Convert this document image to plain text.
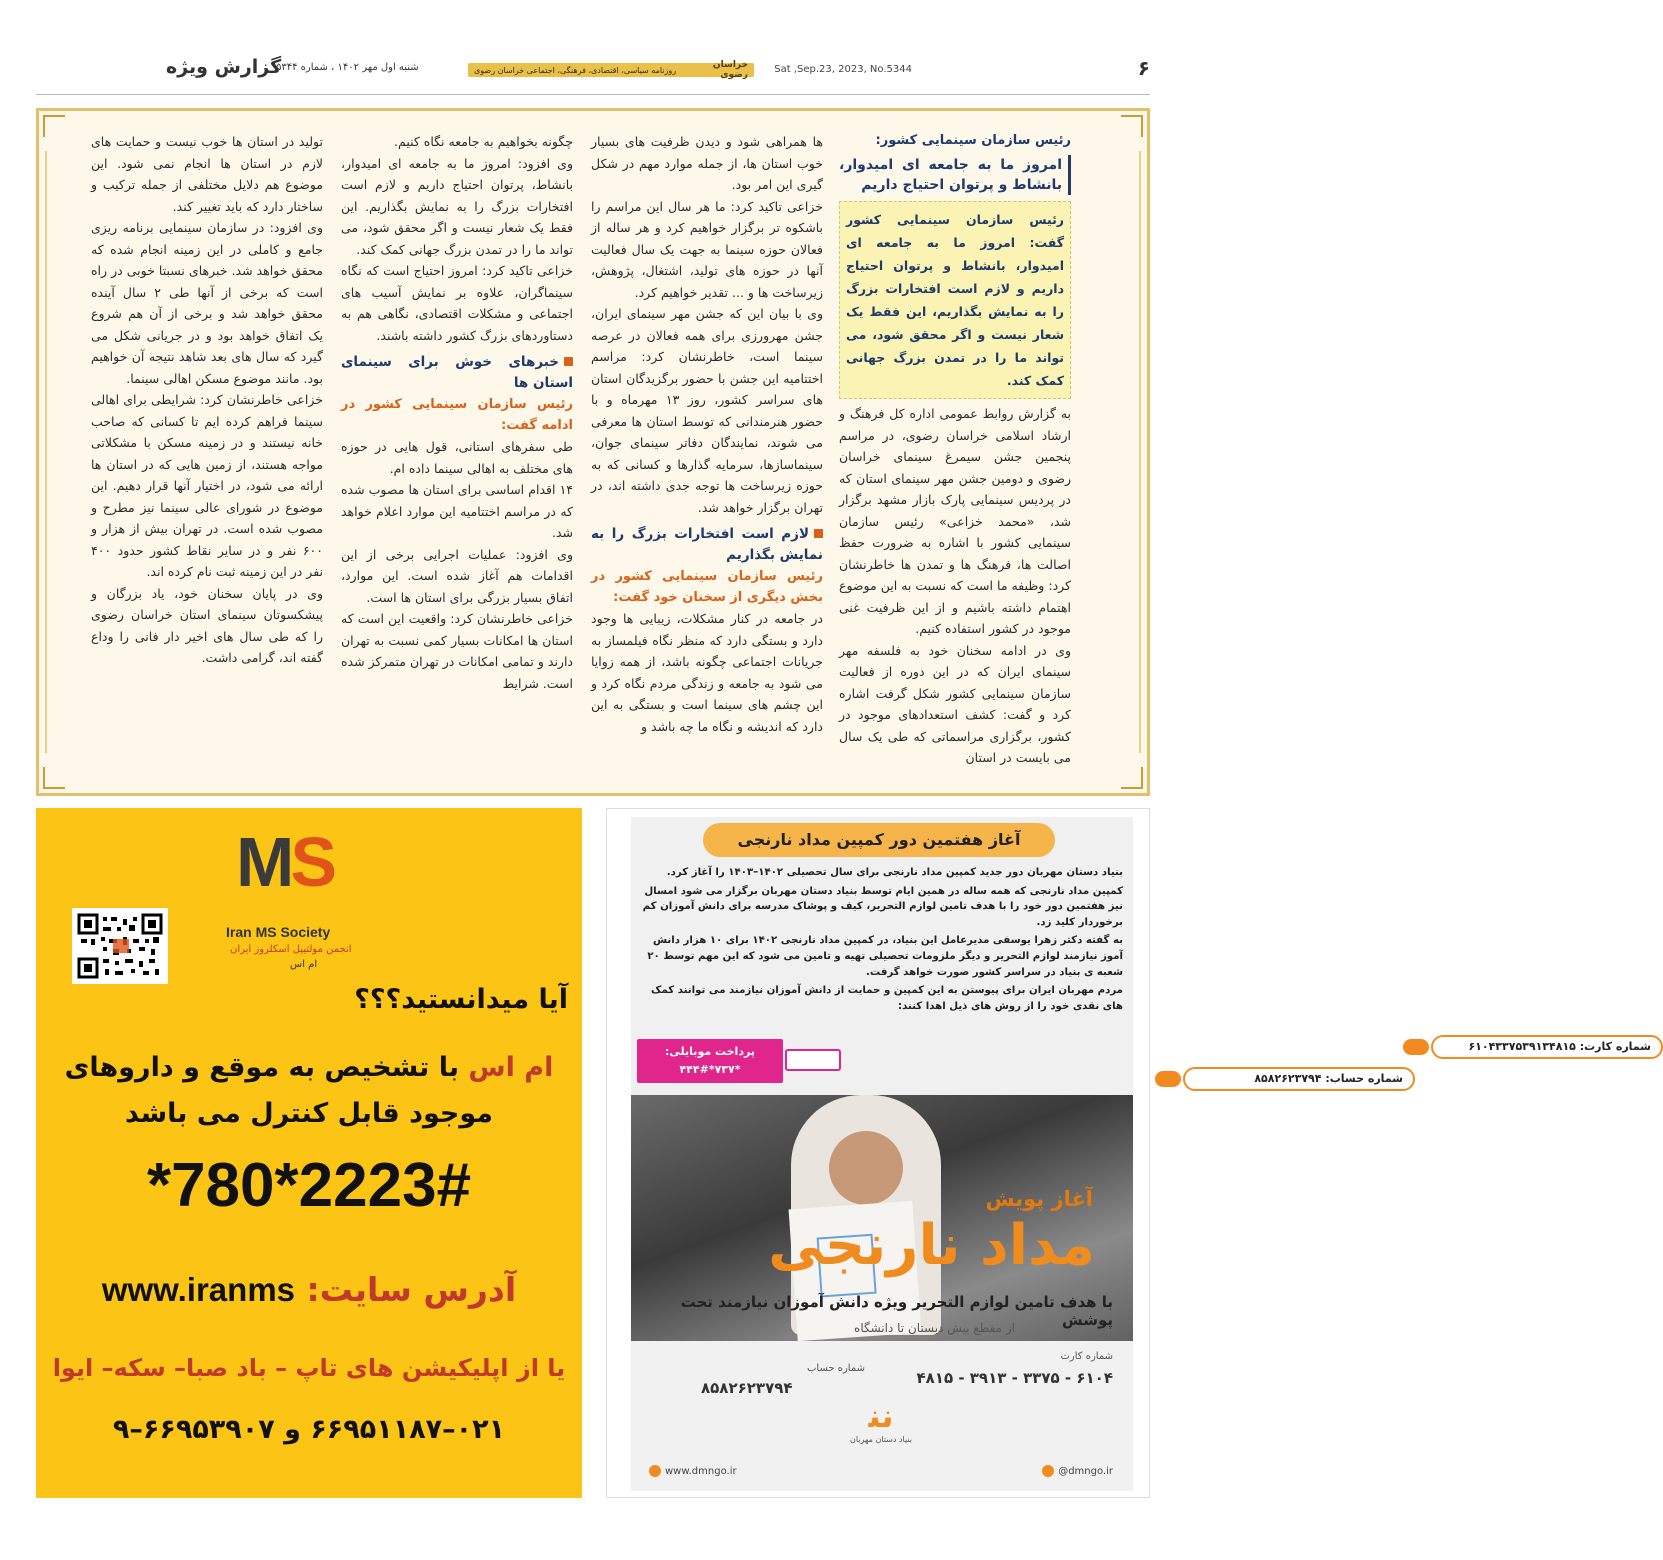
۶
Sat ,Sep.23, 2023, No.5344
خراسان رضوی
روزنامه سیاسی، اقتصادی، فرهنگی، اجتماعی خراسان رضوی
شنبه اول مهر ۱۴۰۲ ، شماره ۵۳۴۴
گزارش ویژه
رئیس سازمان سینمایی کشور:
امروز ما به جامعه ای امیدوار، بانشاط و پرتوان احتیاج داریم
رئیس سازمان سینمایی کشور گفت: امروز ما به جامعه ای امیدوار، بانشاط و پرتوان احتیاج داریم و لازم است افتخارات بزرگ را به نمایش بگذاریم، این فقط یک شعار نیست و اگر محقق شود، می تواند ما را در تمدن بزرگ جهانی کمک کند.

به گزارش روابط عمومی اداره کل فرهنگ و ارشاد اسلامی خراسان رضوی، در مراسم پنجمین جشن سیمرغ سینمای خراسان رضوی و دومین جشن مهر سینمای استان که در پردیس سینمایی پارک بازار مشهد برگزار شد، «محمد خزاعی» رئیس سازمان سینمایی کشور با اشاره به ضرورت حفظ اصالت ها، فرهنگ ها و تمدن ها خاطرنشان کرد: وظیفه ما است که نسبت به این موضوع اهتمام داشته باشیم و از این ظرفیت غنی موجود در کشور استفاده کنیم.

وی در ادامه سخنان خود به فلسفه مهر سینمای ایران که در این دوره از فعالیت سازمان سینمایی کشور شکل گرفت اشاره کرد و گفت: کشف استعدادهای موجود در کشور، برگزاری مراسماتی که طی یک سال می بایست در استان

ها همراهی شود و دیدن ظرفیت های بسیار خوب استان ها، از جمله موارد مهم در شکل گیری این امر بود.

خزاعی تاکید کرد: ما هر سال این مراسم را باشکوه تر برگزار خواهیم کرد و هر ساله از فعالان حوزه سینما به جهت یک سال فعالیت آنها در حوزه های تولید، اشتغال، پژوهش، زیرساخت ها و ... تقدیر خواهیم کرد.

وی با بیان این که جشن مهر سینمای ایران، جشن مهرورزی برای همه فعالان در عرصه سینما است، خاطرنشان کرد: مراسم اختتامیه این جشن با حضور برگزیدگان استان های سراسر کشور، روز ۱۳ مهرماه و با حضور هنرمندانی که توسط استان ها معرفی می شوند، نمایندگان دفاتر سینمای جوان، سینماسازها، سرمایه گذارها و کسانی که به حوزه زیرساخت ها توجه جدی داشته اند، در تهران برگزار خواهد شد.

لازم است افتخارات بزرگ را به نمایش بگذاریم
رئیس سازمان سینمایی کشور در بخش دیگری از سخنان خود گفت:

در جامعه در کنار مشکلات، زیبایی ها وجود دارد و بستگی دارد که منظر نگاه فیلمساز به جریانات اجتماعی چگونه باشد، از همه زوایا می شود به جامعه و زندگی مردم نگاه کرد و این چشم های سینما است و بستگی به این دارد که اندیشه و نگاه ما چه باشد و

چگونه بخواهیم به جامعه نگاه کنیم.

وی افزود: امروز ما به جامعه ای امیدوار، بانشاط، پرتوان احتیاج داریم و لازم است افتخارات بزرگ را به نمایش بگذاریم. این فقط یک شعار نیست و اگر محقق شود، می تواند ما را در تمدن بزرگ جهانی کمک کند.

خزاعی تاکید کرد: امروز احتیاج است که نگاه سینماگران، علاوه بر نمایش آسیب های اجتماعی و مشکلات اقتصادی، نگاهی هم به دستاوردهای بزرگ کشور داشته باشند.

خبرهای خوش برای سینمای استان ها
رئیس سازمان سینمایی کشور در ادامه گفت:

طی سفرهای استانی، قول هایی در حوزه های مختلف به اهالی سینما داده ام.

۱۴ اقدام اساسی برای استان ها مصوب شده که در مراسم اختتامیه این موارد اعلام خواهد شد.

وی افزود: عملیات اجرایی برخی از این اقدامات هم آغاز شده است. این موارد، اتفاق بسیار بزرگی برای استان ها است.

خزاعی خاطرنشان کرد: واقعیت این است که استان ها امکانات بسیار کمی نسبت به تهران دارند و تمامی امکانات در تهران متمرکز شده است. شرایط

تولید در استان ها خوب نیست و حمایت های لازم در استان ها انجام نمی شود. این موضوع هم دلایل مختلفی از جمله ترکیب و ساختار دارد که باید تغییر کند.

وی افزود: در سازمان سینمایی برنامه ریزی جامع و کاملی در این زمینه انجام شده که محقق خواهد شد. خبرهای نسبتا خوبی در راه است که برخی از آنها طی ۲ سال آینده محقق خواهد شد و برخی از آن هم شروع یک اتفاق خواهد بود و در جریانی شکل می گیرد که سال های بعد شاهد نتیجه آن خواهیم بود. مانند موضوع مسکن اهالی سینما.

خزاعی خاطرنشان کرد: شرایطی برای اهالی سینما فراهم کرده ایم تا کسانی که صاحب خانه نیستند و در زمینه مسکن با مشکلاتی مواجه هستند، از زمین هایی که در استان ها ارائه می شود، در اختیار آنها قرار دهیم. این موضوع در شورای عالی سینما نیز مطرح و مصوب شده است. در تهران بیش از هزار و ۶۰۰ نفر و در سایر نقاط کشور حدود ۴۰۰ نفر در این زمینه ثبت نام کرده اند.

وی در پایان سخنان خود، یاد بزرگان و پیشکسوتان سینمای استان خراسان رضوی را که طی سال های اخیر دار فانی را وداع گفته اند، گرامی داشت.

MS
Iran MS Society
انجمن مولتیپل اسکلروز ایران
ام اس
آیا میدانستید؟؟؟
ام اس با تشخیص به موقع و داروهای
موجود قابل کنترل می باشد
*780*2223#
آدرس سایت: www.iranms
یا از اپلیکیشن های تاپ – باد صبا– سکه– ایوا
۰۲۱–۶۶۹۵۱۱۸۷ و ۶۶۹۵۳۹۰۷–۹
آغاز هفتمین دور کمپین مداد نارنجی

بنیاد دستان مهربان دور جدید کمپین مداد نارنجی برای سال تحصیلی ۱۴۰۲–۱۴۰۳ را آغاز کرد.

کمپین مداد نارنجی که همه ساله در همین ایام توسط بنیاد دستان مهربان برگزار می شود امسال نیز هفتمین دور خود را با هدف تامین لوازم التحریر، کیف و پوشاک مدرسه برای دانش آموزان کم برخوردار کلید زد.

به گفته دکتر زهرا یوسفی مدیرعامل این بنیاد، در کمپین مداد نارنجی ۱۴۰۲ برای ۱۰ هزار دانش آموز نیازمند لوازم التحریر و دیگر ملزومات تحصیلی تهیه و تامین می شود که این مهم توسط ۲۰ شعبه ی بنیاد در سراسر کشور صورت خواهد گرفت.

مردم مهربان ایران برای پیوستن به این کمپین و حمایت از دانش آموزان نیازمند می توانند کمک های نقدی خود را از روش های ذیل اهدا کنند:

شماره کارت: ۶۱۰۴۳۳۷۵۳۹۱۳۴۸۱۵
شماره حساب: ۸۵۸۲۶۲۳۷۹۴
پرداخت موبایلی:
*۷۳۷*۴۴۴#
آغاز پویش
مداد نارنجی
با هدف تامین لوازم التحریر ویژه دانش آموزان نیازمند تحت پوشش
از مقطع پیش دبستان تا دانشگاه
شماره کارت
۶۱۰۴ - ۳۳۷۵ - ۳۹۱۳ - ۴۸۱۵
شماره حساب
۸۵۸۲۶۲۳۷۹۴
ﻧﻨ
بنیاد دستان مهربان
www.dmngo.ir	@dmngo.ir
